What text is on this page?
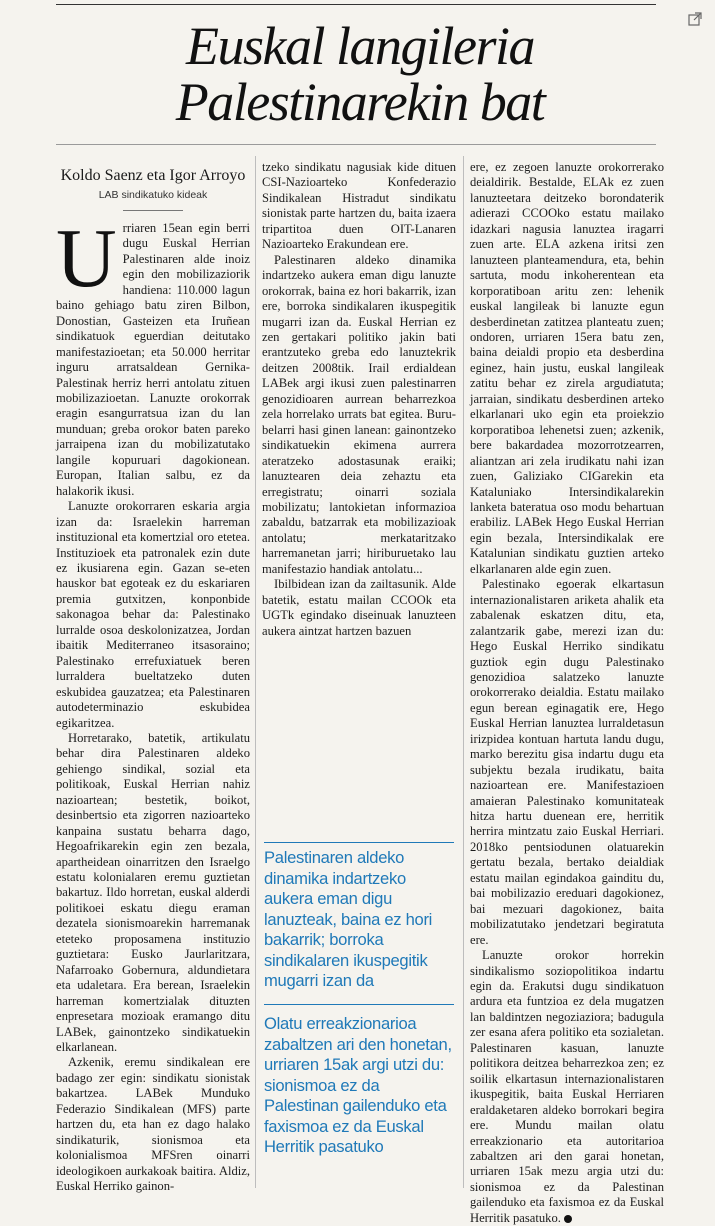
Euskal langileria
Palestinarekin bat
Koldo Saenz eta Igor Arroyo
LAB sindikatuko kideak

Urriaren 15ean egin berri dugu Euskal Herrian Palestinaren alde inoiz egin den mobilizaziorik handiena: 110.000 lagun baino gehiago batu ziren Bilbon, Donostian, Gasteizen eta Iruñean sindikatuok eguerdian deitutako manifestazioetan; eta 50.000 herritar inguru arratsaldean Gernika-Palestinak herriz herri antolatu zituen mobilizazioetan. Lanuzte orokorrak eragin esangurratsua izan du lan munduan; greba orokor baten pareko jarraipena izan du mobilizatutako langile kopuruari dagokionean. Europan, Italian salbu, ez da halakorik ikusi.

Lanuzte orokorraren eskaria argia izan da: Israelekin harreman instituzional eta komertzial oro etetea. Instituzioek eta patronalek ezin dute ez ikusiarena egin. Gazan se-eten hauskor bat egoteak ez du eskariaren premia gutxitzen, konponbide sakonagoa behar da: Palestinako lurralde osoa deskolonizatzea, Jordan ibaitik Mediterraneo itsasoraino; Palestinako errefuxiatuek beren lurraldera bueltatzeko duten eskubidea gauzatzea; eta Palestinaren autodeterminazio eskubidea egikaritzea.

Horretarako, batetik, artikulatu behar dira Palestinaren aldeko gehiengo sindikal, sozial eta politikoak, Euskal Herrian nahiz nazioartean; bestetik, boikot, desinbertsio eta zigorren nazioarteko kanpaina sustatu beharra dago, Hegoafrikarekin egin zen bezala, apartheidean oinarritzen den Israelgo estatu kolonialaren eremu guztietan bakartuz. Ildo horretan, euskal alderdi politikoei eskatu diegu eraman dezatela sionismoarekin harremanak eteteko proposamena instituzio guztietara: Eusko Jaurlaritzara, Nafarroako Gobernura, aldundietara eta udaletara. Era berean, Israelekin harreman komertzialak dituzten enpresetara mozioak eramango ditu LABek, gainontzeko sindikatuekin elkarlanean.

Azkenik, eremu sindikalean ere badago zer egin: sindikatu sionistak bakartzea. LABek Munduko Federazio Sindikalean (MFS) parte hartzen du, eta han ez dago halako sindikaturik, sionismoa eta kolonialismoa MFSren oinarri ideologikoen aurkakoak baitira. Aldiz, Euskal Herriko gainon-

tzeko sindikatu nagusiak kide dituen CSI-Nazioarteko Konfederazio Sindikalean Histradut sindikatu sionistak parte hartzen du, baita izaera tripartitoa duen OIT-Lanaren Nazioarteko Erakundean ere.

Palestinaren aldeko dinamika indartzeko aukera eman digu lanuzte orokorrak, baina ez hori bakarrik, izan ere, borroka sindikalaren ikuspegitik mugarri izan da. Euskal Herrian ez zen gertakari politiko jakin bati erantzuteko greba edo lanuztekrik deitzen 2008tik. Irail erdialdean LABek argi ikusi zuen palestinarren genozidioaren aurrean beharrezkoa zela horrelako urrats bat egitea. Buru-belarri hasi ginen lanean: gainontzeko sindikatuekin ekimena aurrera ateratzeko adostasunak eraiki; lanuztearen deia zehaztu eta erregistratu; oinarri soziala mobilizatu; lantokietan informazioa zabaldu, batzarrak eta mobilizazioak antolatu; merkataritzako harremanetan jarri; hiriburuetako lau manifestazio handiak antolatu...

Ibilbidean izan da zailtasunik. Alde batetik, estatu mailan CCOOk eta UGTk egindako diseinuak lanuzteen aukera aintzat hartzen bazuen

Palestinaren aldeko dinamika indartzeko aukera eman digu lanuzteak, baina ez hori bakarrik; borroka sindikalaren ikuspegitik mugarri izan da
Olatu erreakzionarioa zabaltzen ari den honetan, urriaren 15ak argi utzi du: sionismoa ez da Palestinan gailenduko eta faxismoa ez da Euskal Herritik pasatuko

ere, ez zegoen lanuzte orokorrerako deialdirik. Bestalde, ELAk ez zuen lanuzteetara deitzeko borondaterik adierazi CCOOko estatu mailako idazkari nagusia lanuztea iragarri zuen arte. ELA azkena iritsi zen lanuzteen planteamendura, eta, behin sartuta, modu inkoherentean eta korporatiboan aritu zen: lehenik euskal langileak bi lanuzte egun desberdinetan zatitzea planteatu zuen; ondoren, urriaren 15era batu zen, baina deialdi propio eta desberdina eginez, hain justu, euskal langileak zatitu behar ez zirela argudiatuta; jarraian, sindikatu desberdinen arteko elkarlanari uko egin eta proiekzio korporatiboa lehenetsi zuen; azkenik, bere bakardadea mozorrotzearren, aliantzan ari zela irudikatu nahi izan zuen, Galiziako CIGarekin eta Kataluniako Intersindikalarekin lanketa bateratua oso modu behartuan erabiliz. LABek Hego Euskal Herrian egin bezala, Intersindikalak ere Katalunian sindikatu guztien arteko elkarlanaren alde egin zuen.

Palestinako egoerak elkartasun internazionalistaren ariketa ahalik eta zabalenak eskatzen ditu, eta, zalantzarik gabe, merezi izan du: Hego Euskal Herriko sindikatu guztiok egin dugu Palestinako genozidioa salatzeko lanuzte orokorrerako deialdia. Estatu mailako egun berean eginagatik ere, Hego Euskal Herrian lanuztea lurraldetasun irizpidea kontuan hartuta landu dugu, marko berezitu gisa indartu dugu eta subjektu bezala irudikatu, baita nazioartean ere. Manifestazioen amaieran Palestinako komunitateak hitza hartu duenean ere, herritik herrira mintzatu zaio Euskal Herriari. 2018ko pentsiodunen olatuarekin gertatu bezala, bertako deialdiak estatu mailan egindakoa gainditu du, bai mobilizazio ereduari dagokionez, bai mezuari dagokionez, baita mobilizatutako jendetzari begiratuta ere.

Lanuzte orokor horrekin sindikalismo soziopolitikoa indartu egin da. Erakutsi dugu sindikatuon ardura eta funtzioa ez dela mugatzen lan baldintzen negoziaziora; badugula zer esana afera politiko eta sozialetan. Palestinaren kasuan, lanuzte politikora deitzea beharrezkoa zen; ez soilik elkartasun internazionalistaren ikuspegitik, baita Euskal Herriaren eraldaketaren aldeko borrokari begira ere. Mundu mailan olatu erreakzionario eta autoritarioa zabaltzen ari den garai honetan, urriaren 15ak mezu argia utzi du: sionismoa ez da Palestinan gailenduko eta faxismoa ez da Euskal Herritik pasatuko.
